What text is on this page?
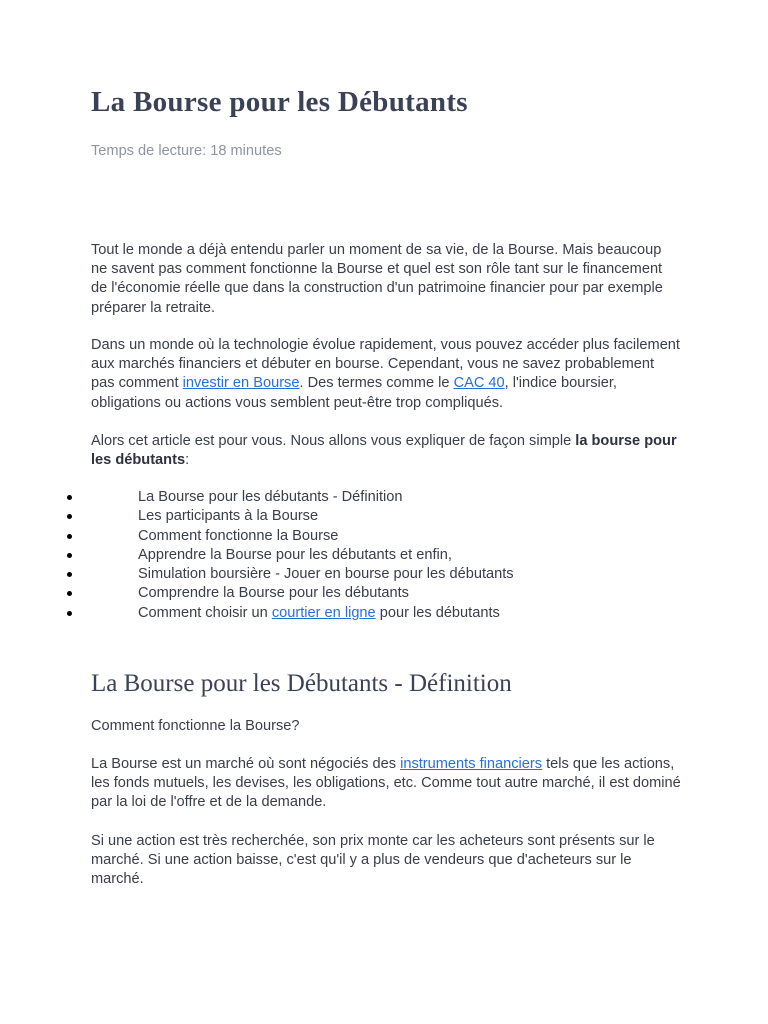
La Bourse pour les Débutants
Temps de lecture: 18 minutes

Tout le monde a déjà entendu parler un moment de sa vie, de la Bourse. Mais beaucoup ne savent pas comment fonctionne la Bourse et quel est son rôle tant sur le financement de l'économie réelle que dans la construction d'un patrimoine financier pour par exemple préparer la retraite.

Dans un monde où la technologie évolue rapidement, vous pouvez accéder plus facilement aux marchés financiers et débuter en bourse. Cependant, vous ne savez probablement pas comment investir en Bourse. Des termes comme le CAC 40, l'indice boursier, obligations ou actions vous semblent peut-être trop compliqués.

Alors cet article est pour vous. Nous allons vous expliquer de façon simple la bourse pour les débutants:

La Bourse pour les débutants - Définition
Les participants à la Bourse
Comment fonctionne la Bourse
Apprendre la Bourse pour les débutants et enfin,
Simulation boursière - Jouer en bourse pour les débutants
Comprendre la Bourse pour les débutants
Comment choisir un courtier en ligne pour les débutants
La Bourse pour les Débutants - Définition

Comment fonctionne la Bourse?

La Bourse est un marché où sont négociés des instruments financiers tels que les actions, les fonds mutuels, les devises, les obligations, etc. Comme tout autre marché, il est dominé par la loi de l'offre et de la demande.

Si une action est très recherchée, son prix monte car les acheteurs sont présents sur le marché. Si une action baisse, c'est qu'il y a plus de vendeurs que d'acheteurs sur le marché.
